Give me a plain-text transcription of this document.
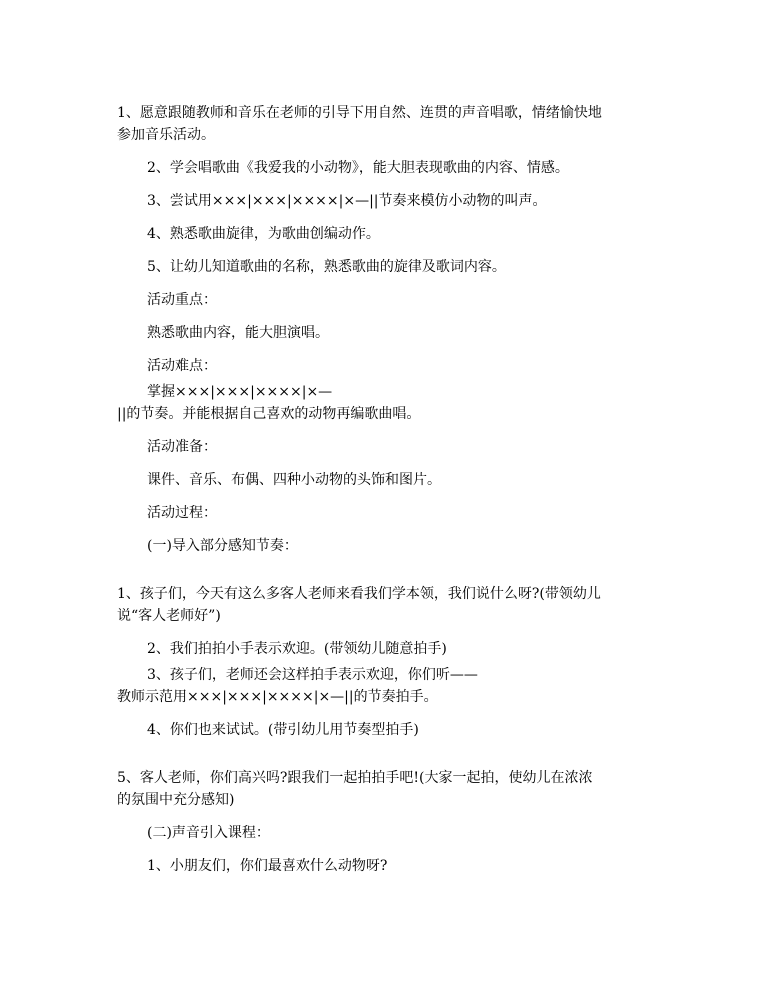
1、愿意跟随教师和音乐在老师的引导下用自然、连贯的声音唱歌，情绪愉快地
参加音乐活动。
2、学会唱歌曲《我爱我的小动物》，能大胆表现歌曲的内容、情感。
3、尝试用×××|×××|××××|×—||节奏来模仿小动物的叫声。
4、熟悉歌曲旋律，为歌曲创编动作。
5、让幼儿知道歌曲的名称，熟悉歌曲的旋律及歌词内容。
活动重点：
熟悉歌曲内容，能大胆演唱。
活动难点：
掌握×××|×××|××××|×—
||的节奏。并能根据自己喜欢的动物再编歌曲唱。
活动准备：
课件、音乐、布偶、四种小动物的头饰和图片。
活动过程：
(一)导入部分感知节奏：
1、孩子们，今天有这么多客人老师来看我们学本领，我们说什么呀?(带领幼儿
说“客人老师好”)
2、我们拍拍小手表示欢迎。(带领幼儿随意拍手)
3、孩子们，老师还会这样拍手表示欢迎，你们听——
教师示范用×××|×××|××××|×—||的节奏拍手。
4、你们也来试试。(带引幼儿用节奏型拍手)
5、客人老师，你们高兴吗?跟我们一起拍拍手吧!(大家一起拍，使幼儿在浓浓
的氛围中充分感知)
(二)声音引入课程：
1、小朋友们，你们最喜欢什么动物呀?
